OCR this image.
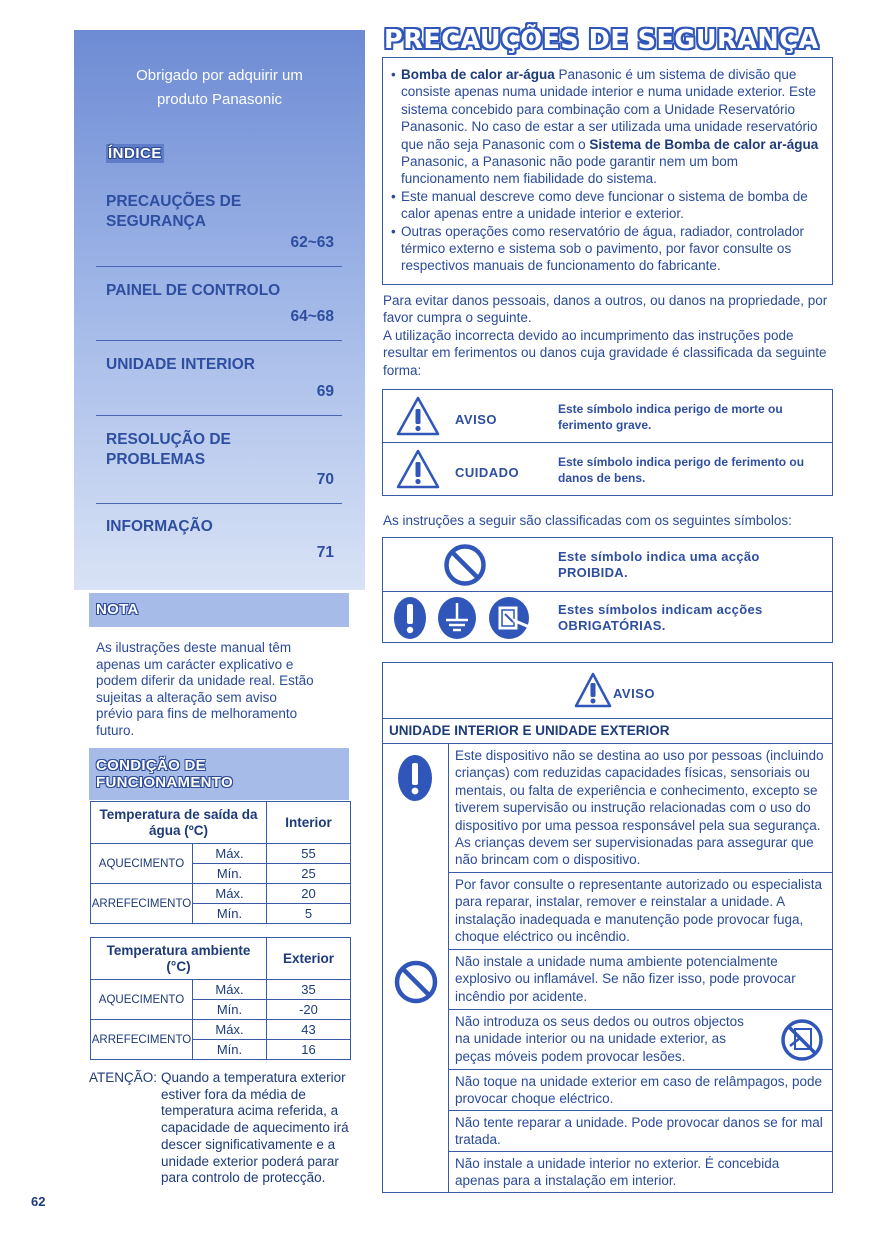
Obrigado por adquirir um
produto Panasonic
ÍNDICE
PRECAUÇÕES DE SEGURANÇA
62~63
PAINEL DE CONTROLO
64~68
UNIDADE INTERIOR
69
RESOLUÇÃO DE PROBLEMAS
70
INFORMAÇÃO
71
NOTA
As ilustrações deste manual têm apenas um carácter explicativo e podem diferir da unidade real. Estão sujeitas a alteração sem aviso prévio para fins de melhoramento futuro.
CONDIÇÃO DE
FUNCIONAMENTO
Temperatura de saída da água (ºC)		Interior
AQUECIMENTO	Máx.	55
	Mín.	25
ARREFECIMENTO	Máx.	20
	Mín.	5
Temperatura ambiente (°C)		Exterior
AQUECIMENTO	Máx.	35
	Mín.	-20
ARREFECIMENTO	Máx.	43
	Mín.	16
ATENÇÃO: Quando a temperatura exterior estiver fora da média de temperatura acima referida, a capacidade de aquecimento irá descer significativamente e a unidade exterior poderá parar para controlo de protecção.
62
PRECAUÇÕES DE SEGURANÇA
• Bomba de calor ar-água Panasonic é um sistema de divisão que consiste apenas numa unidade interior e numa unidade exterior. Este sistema concebido para combinação com a Unidade Reservatório Panasonic. No caso de estar a ser utilizada uma unidade reservatório que não seja Panasonic com o Sistema de Bomba de calor ar-água Panasonic, a Panasonic não pode garantir nem um bom funcionamento nem fiabilidade do sistema.
• Este manual descreve como deve funcionar o sistema de bomba de calor apenas entre a unidade interior e exterior.
• Outras operações como reservatório de água, radiador, controlador térmico externo e sistema sob o pavimento, por favor consulte os respectivos manuais de funcionamento do fabricante.
Para evitar danos pessoais, danos a outros, ou danos na propriedade, por favor cumpra o seguinte.
A utilização incorrecta devido ao incumprimento das instruções pode resultar em ferimentos ou danos cuja gravidade é classificada da seguinte forma:
AVISO
Este símbolo indica perigo de morte ou ferimento grave.
CUIDADO
Este símbolo indica perigo de ferimento ou danos de bens.
As instruções a seguir são classificadas com os seguintes símbolos:
Este símbolo indica uma acção
PROIBIDA.
Estes símbolos indicam acções
OBRIGATÓRIAS.
AVISO
UNIDADE INTERIOR E UNIDADE EXTERIOR
Este dispositivo não se destina ao uso por pessoas (incluindo crianças) com reduzidas capacidades físicas, sensoriais ou mentais, ou falta de experiência e conhecimento, excepto se tiverem supervisão ou instrução relacionadas com o uso do dispositivo por uma pessoa responsável pela sua segurança. As crianças devem ser supervisionadas para assegurar que não brincam com o dispositivo.
Por favor consulte o representante autorizado ou especialista para reparar, instalar, remover e reinstalar a unidade. A instalação inadequada e manutenção pode provocar fuga, choque eléctrico ou incêndio.
Não instale a unidade numa ambiente potencialmente explosivo ou inflamável. Se não fizer isso, pode provocar incêndio por acidente.
Não introduza os seus dedos ou outros objectos na unidade interior ou na unidade exterior, as peças móveis podem provocar lesões.
Não toque na unidade exterior em caso de relâmpagos, pode provocar choque eléctrico.
Não tente reparar a unidade. Pode provocar danos se for mal tratada.
Não instale a unidade interior no exterior. É concebida apenas para a instalação em interior.
